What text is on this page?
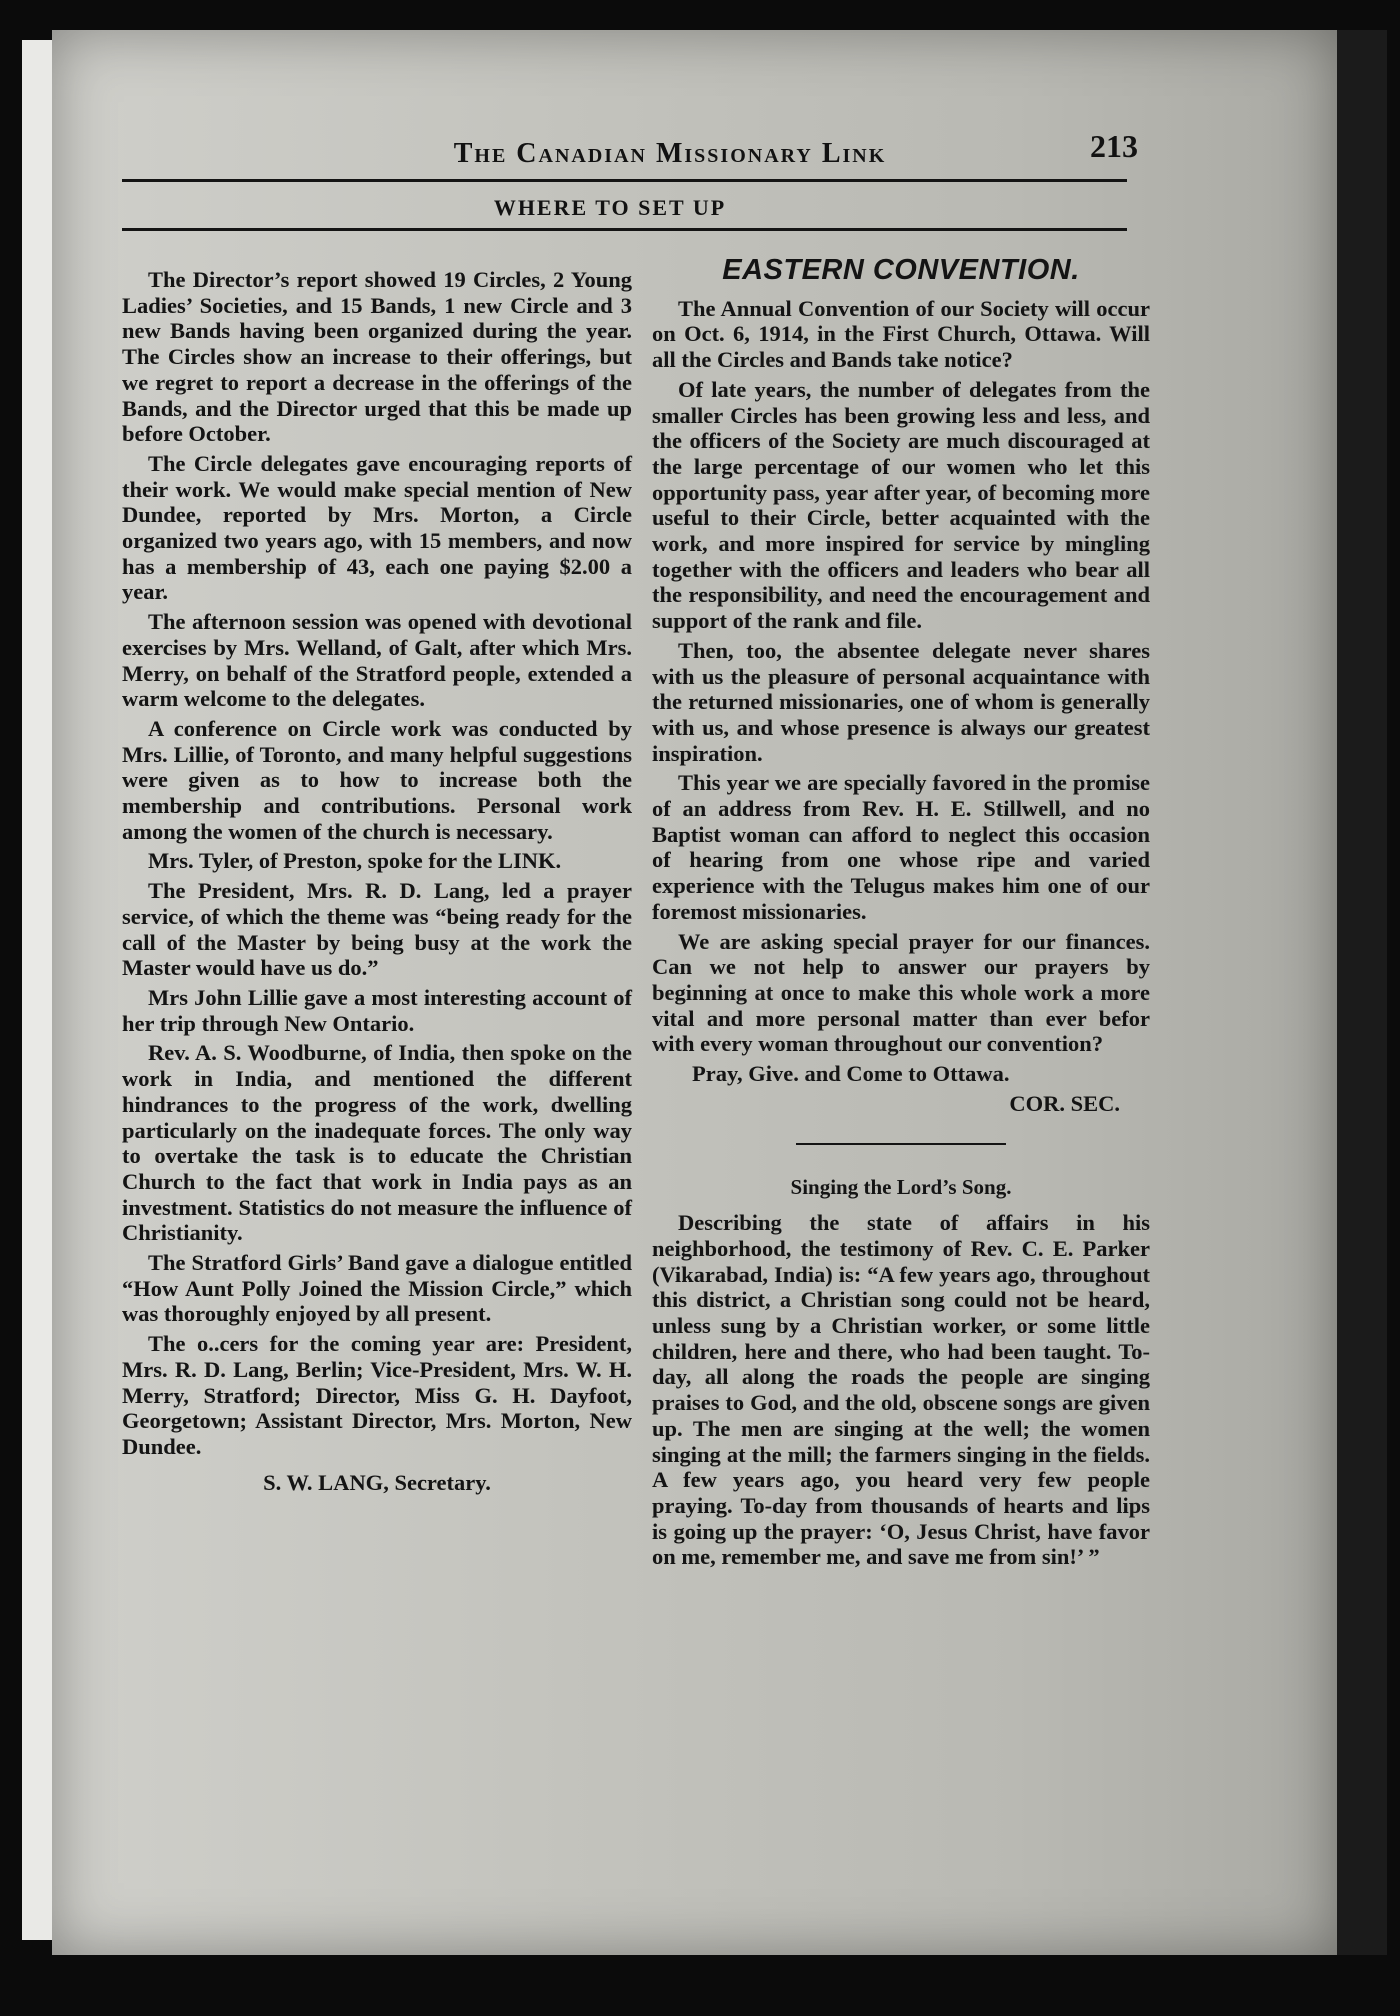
The Canadian Missionary Link	213
WHERE TO SET UP

The Director’s report showed 19 Circles, 2 Young Ladies’ Societies, and 15 Bands, 1 new Circle and 3 new Bands having been organized during the year. The Circles show an increase to their offerings, but we regret to report a decrease in the offerings of the Bands, and the Director urged that this be made up before October.

The Circle delegates gave encouraging reports of their work. We would make special mention of New Dundee, reported by Mrs. Morton, a Circle organized two years ago, with 15 members, and now has a membership of 43, each one paying $2.00 a year.

The afternoon session was opened with devotional exercises by Mrs. Welland, of Galt, after which Mrs. Merry, on behalf of the Stratford people, extended a warm welcome to the delegates.

A conference on Circle work was conducted by Mrs. Lillie, of Toronto, and many helpful suggestions were given as to how to increase both the membership and contributions. Personal work among the women of the church is necessary.

Mrs. Tyler, of Preston, spoke for the LINK.

The President, Mrs. R. D. Lang, led a prayer service, of which the theme was “being ready for the call of the Master by being busy at the work the Master would have us do.”

Mrs John Lillie gave a most interesting account of her trip through New Ontario.

Rev. A. S. Woodburne, of India, then spoke on the work in India, and mentioned the different hindrances to the progress of the work, dwelling particularly on the inadequate forces. The only way to overtake the task is to educate the Christian Church to the fact that work in India pays as an investment. Statistics do not measure the influence of Christianity.

The Stratford Girls’ Band gave a dialogue entitled “How Aunt Polly Joined the Mission Circle,” which was thoroughly enjoyed by all present.

The o..cers for the coming year are: President, Mrs. R. D. Lang, Berlin; Vice-President, Mrs. W. H. Merry, Stratford; Director, Miss G. H. Dayfoot, Georgetown; Assistant Director, Mrs. Morton, New Dundee.

S. W. LANG, Secretary.

EASTERN CONVENTION.

The Annual Convention of our Society will occur on Oct. 6, 1914, in the First Church, Ottawa. Will all the Circles and Bands take notice?

Of late years, the number of delegates from the smaller Circles has been growing less and less, and the officers of the Society are much discouraged at the large percentage of our women who let this opportunity pass, year after year, of becoming more useful to their Circle, better acquainted with the work, and more inspired for service by mingling together with the officers and leaders who bear all the responsibility, and need the encouragement and support of the rank and file.

Then, too, the absentee delegate never shares with us the pleasure of personal acquaintance with the returned missionaries, one of whom is generally with us, and whose presence is always our greatest inspiration.

This year we are specially favored in the promise of an address from Rev. H. E. Stillwell, and no Baptist woman can afford to neglect this occasion of hearing from one whose ripe and varied experience with the Telugus makes him one of our foremost missionaries.

We are asking special prayer for our finances. Can we not help to answer our prayers by beginning at once to make this whole work a more vital and more personal matter than ever befor with every woman throughout our convention?

Pray, Give. and Come to Ottawa.

COR. SEC.

Singing the Lord’s Song.

Describing the state of affairs in his neighborhood, the testimony of Rev. C. E. Parker (Vikarabad, India) is: “A few years ago, throughout this district, a Christian song could not be heard, unless sung by a Christian worker, or some little children, here and there, who had been taught. To-day, all along the roads the people are singing praises to God, and the old, obscene songs are given up. The men are singing at the well; the women singing at the mill; the farmers singing in the fields. A few years ago, you heard very few people praying. To-day from thousands of hearts and lips is going up the prayer: ‘O, Jesus Christ, have favor on me, remember me, and save me from sin!’ ”
